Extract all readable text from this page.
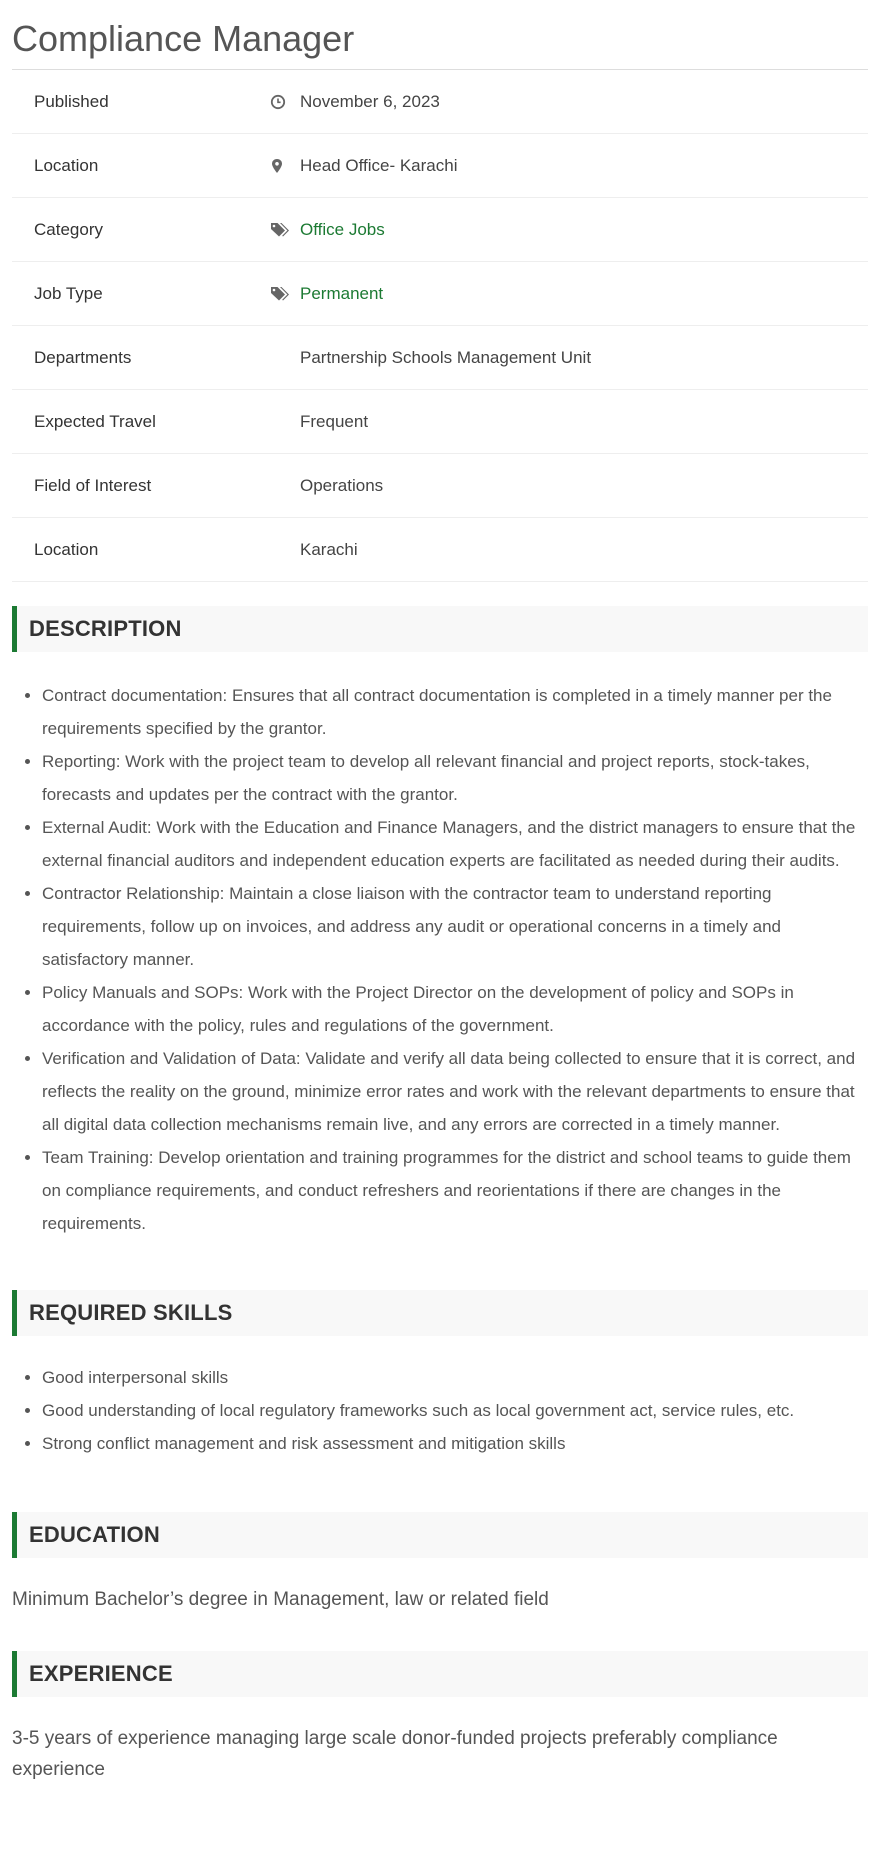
Compliance Manager
Published	November 6, 2023
Location	Head Office- Karachi
Category	Office Jobs
Job Type	Permanent
Departments	Partnership Schools Management Unit
Expected Travel	Frequent
Field of Interest	Operations
Location	Karachi
DESCRIPTION
• Contract documentation: Ensures that all contract documentation is completed in a timely manner per the requirements specified by the grantor.
• Reporting: Work with the project team to develop all relevant financial and project reports, stock-takes, forecasts and updates per the contract with the grantor.
• External Audit: Work with the Education and Finance Managers, and the district managers to ensure that the external financial auditors and independent education experts are facilitated as needed during their audits.
• Contractor Relationship: Maintain a close liaison with the contractor team to understand reporting requirements, follow up on invoices, and address any audit or operational concerns in a timely and satisfactory manner.
• Policy Manuals and SOPs: Work with the Project Director on the development of policy and SOPs in accordance with the policy, rules and regulations of the government.
• Verification and Validation of Data: Validate and verify all data being collected to ensure that it is correct, and reflects the reality on the ground, minimize error rates and work with the relevant departments to ensure that all digital data collection mechanisms remain live, and any errors are corrected in a timely manner.
• Team Training: Develop orientation and training programmes for the district and school teams to guide them on compliance requirements, and conduct refreshers and reorientations if there are changes in the requirements.
REQUIRED SKILLS
• Good interpersonal skills
• Good understanding of local regulatory frameworks such as local government act, service rules, etc.
• Strong conflict management and risk assessment and mitigation skills
EDUCATION

Minimum Bachelor’s degree in Management, law or related field

EXPERIENCE

3-5 years of experience managing large scale donor-funded projects preferably compliance experience
